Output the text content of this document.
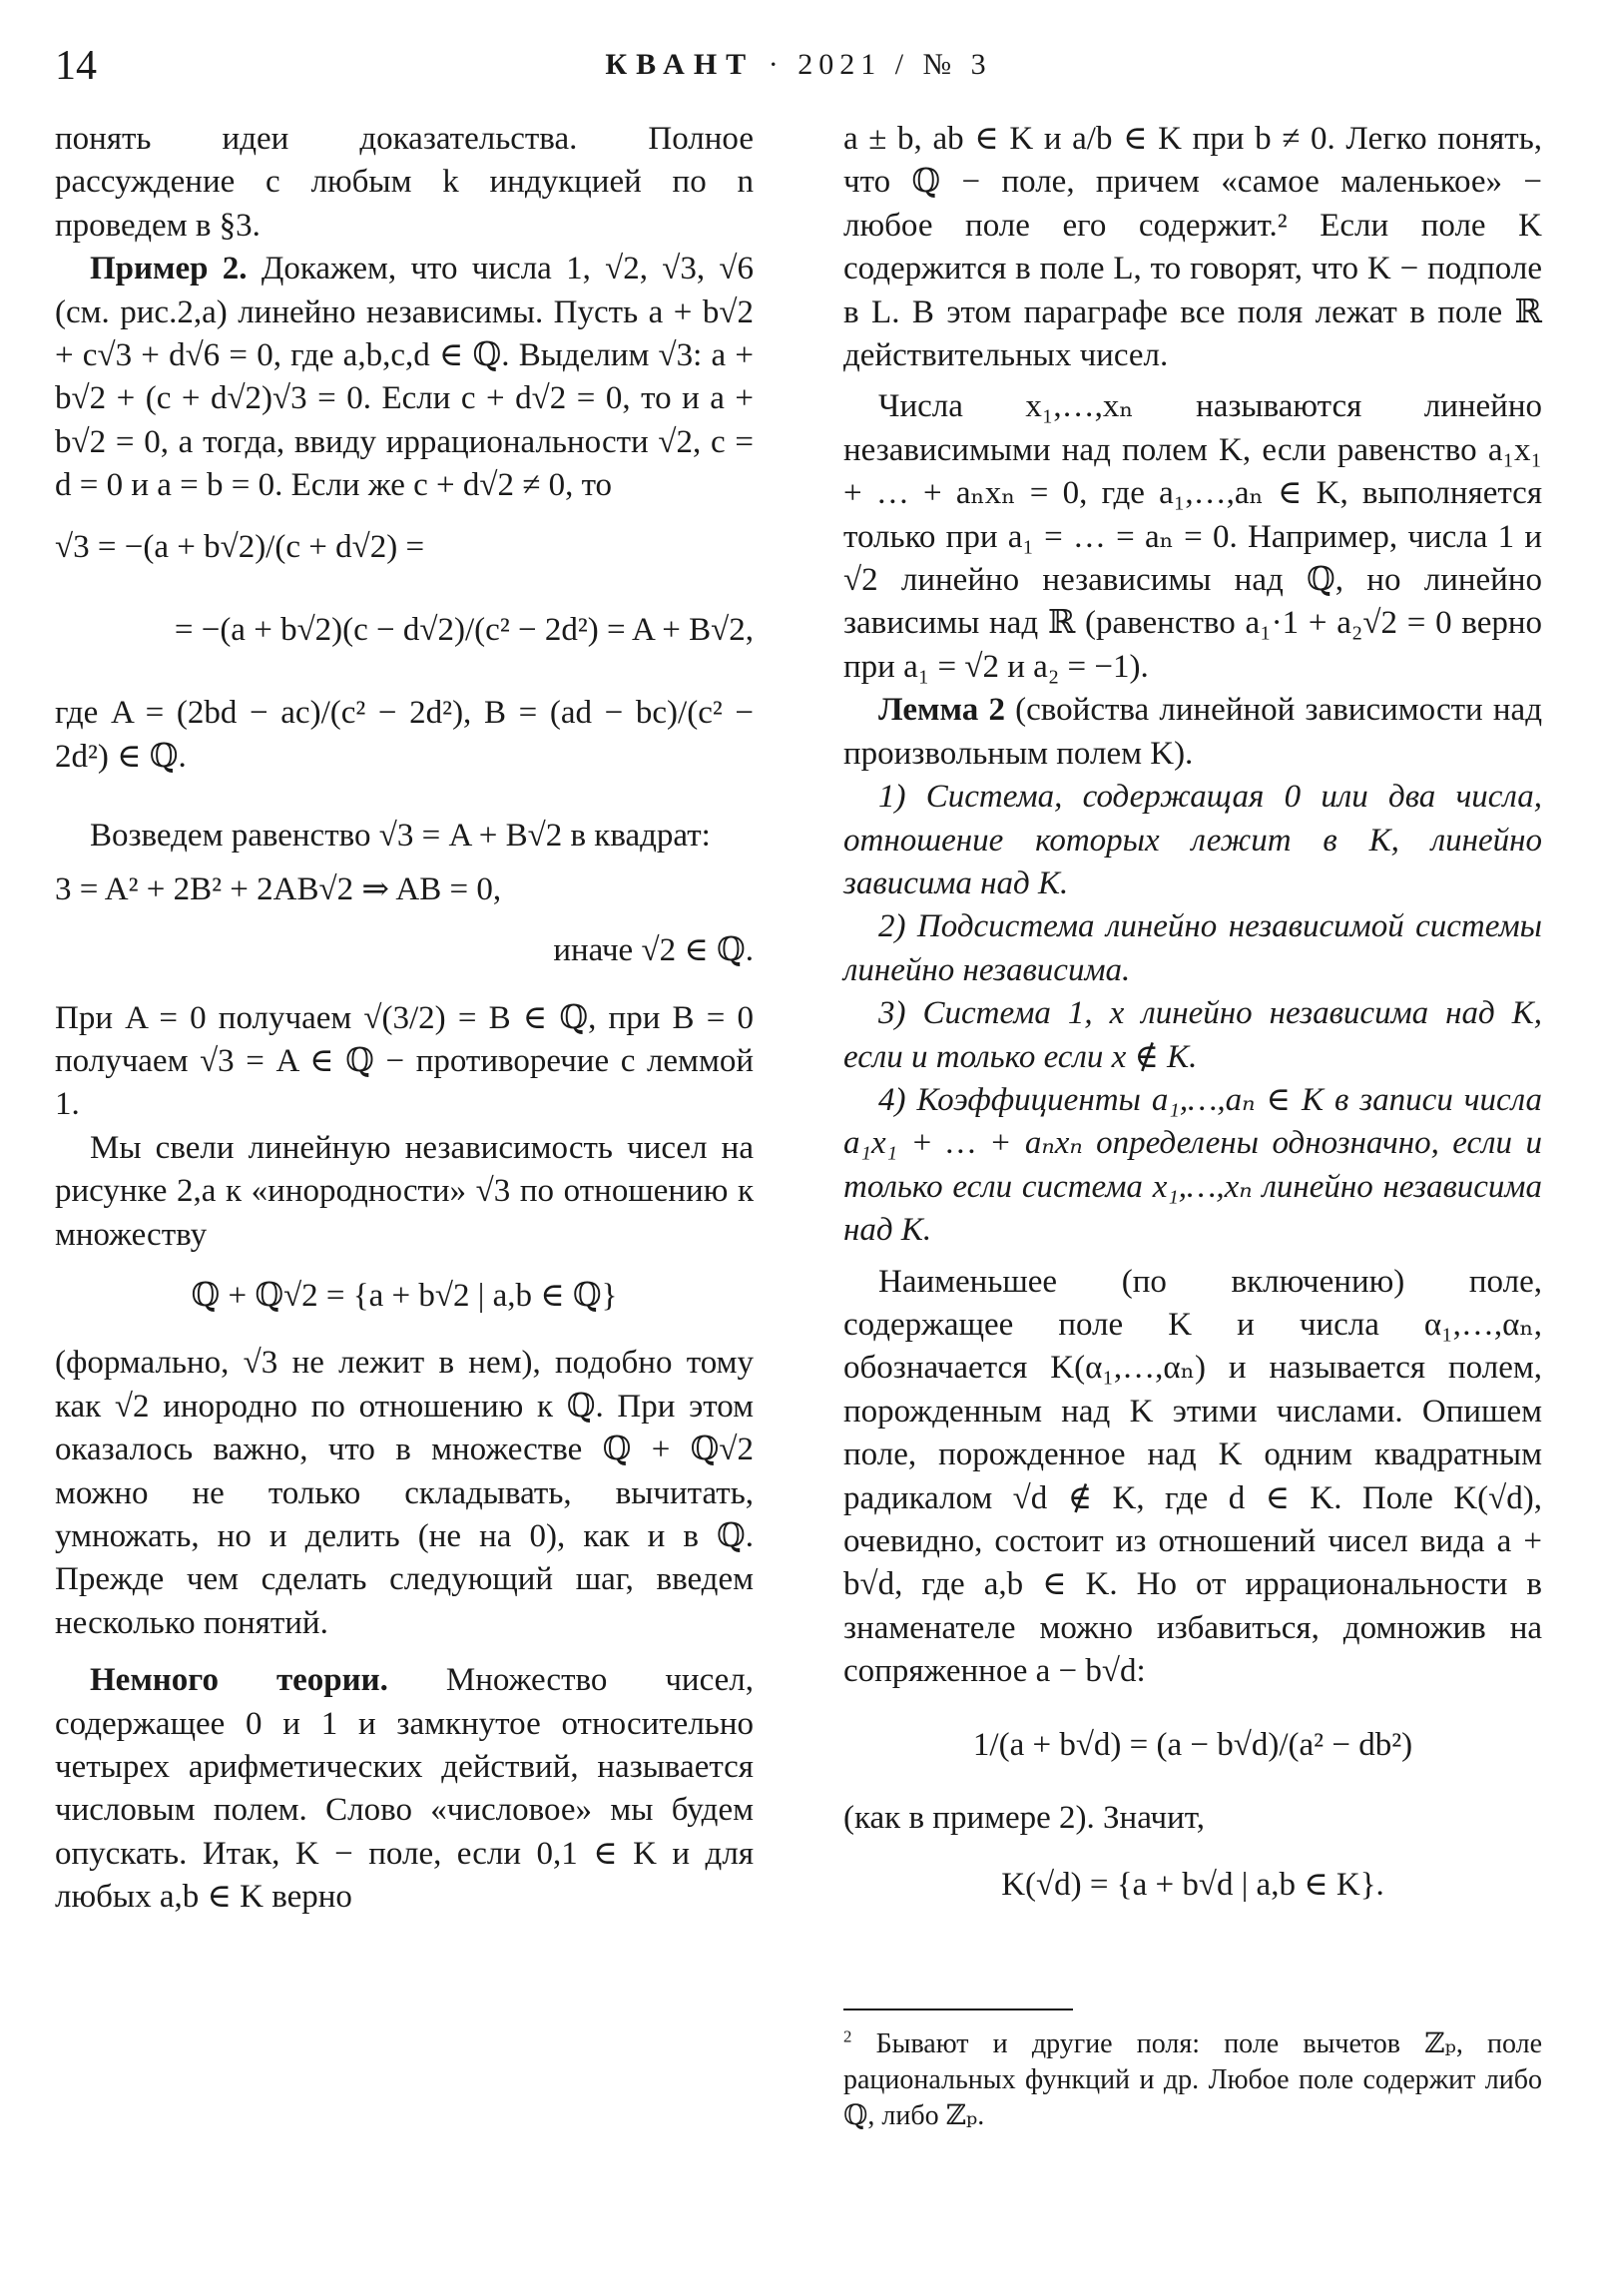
14	КВАНТ · 2021 / № 3

понять идеи доказательства. Полное рассуждение с любым k индукцией по n проведем в §3.

Пример 2. Докажем, что числа 1, √2, √3, √6 (см. рис.2,а) линейно независимы. Пусть a + b√2 + c√3 + d√6 = 0, где a,b,c,d ∈ ℚ. Выделим √3: a + b√2 + (c + d√2)√3 = 0. Если c + d√2 = 0, то и a + b√2 = 0, а тогда, ввиду иррациональности √2, c = d = 0 и a = b = 0. Если же c + d√2 ≠ 0, то

√3 = −(a + b√2)/(c + d√2) =

= −(a + b√2)(c − d√2)/(c² − 2d²) = A + B√2,

где A = (2bd − ac)/(c² − 2d²), B = (ad − bc)/(c² − 2d²) ∈ ℚ.

Возведем равенство √3 = A + B√2 в квадрат:

3 = A² + 2B² + 2AB√2 ⇒ AB = 0,

иначе √2 ∈ ℚ.

При A = 0 получаем √(3/2) = B ∈ ℚ, при B = 0 получаем √3 = A ∈ ℚ − противоречие с леммой 1.

Мы свели линейную независимость чисел на рисунке 2,а к «инородности» √3 по отношению к множеству

ℚ + ℚ√2 = {a + b√2 | a,b ∈ ℚ}

(формально, √3 не лежит в нем), подобно тому как √2 инородно по отношению к ℚ. При этом оказалось важно, что в множестве ℚ + ℚ√2 можно не только складывать, вычитать, умножать, но и делить (не на 0), как и в ℚ. Прежде чем сделать следующий шаг, введем несколько понятий.

Немного теории. Множество чисел, содержащее 0 и 1 и замкнутое относительно четырех арифметических действий, называется числовым полем. Слово «числовое» мы будем опускать. Итак, K − поле, если 0,1 ∈ K и для любых a,b ∈ K верно

a ± b, ab ∈ K и a/b ∈ K при b ≠ 0. Легко понять, что ℚ − поле, причем «самое маленькое» − любое поле его содержит.² Если поле K содержится в поле L, то говорят, что K − подполе в L. В этом параграфе все поля лежат в поле ℝ действительных чисел.

Числа x₁,…,xₙ называются линейно независимыми над полем K, если равенство a₁x₁ + … + aₙxₙ = 0, где a₁,…,aₙ ∈ K, выполняется только при a₁ = … = aₙ = 0. Например, числа 1 и √2 линейно независимы над ℚ, но линейно зависимы над ℝ (равенство a₁·1 + a₂√2 = 0 верно при a₁ = √2 и a₂ = −1).

Лемма 2 (свойства линейной зависимости над произвольным полем K).

1) Система, содержащая 0 или два числа, отношение которых лежит в K, линейно зависима над K.

2) Подсистема линейно независимой системы линейно независима.

3) Система 1, x линейно независима над K, если и только если x ∉ K.

4) Коэффициенты a₁,…,aₙ ∈ K в записи числа a₁x₁ + … + aₙxₙ определены однозначно, если и только если система x₁,…,xₙ линейно независима над K.

Наименьшее (по включению) поле, содержащее поле K и числа α₁,…,αₙ, обозначается K(α₁,…,αₙ) и называется полем, порожденным над K этими числами. Опишем поле, порожденное над K одним квадратным радикалом √d ∉ K, где d ∈ K. Поле K(√d), очевидно, состоит из отношений чисел вида a + b√d, где a,b ∈ K. Но от иррациональности в знаменателе можно избавиться, домножив на сопряженное a − b√d:

1/(a + b√d) = (a − b√d)/(a² − db²)

(как в примере 2). Значит,

K(√d) = {a + b√d | a,b ∈ K}.

$^2$ Бывают и другие поля: поле вычетов ℤₚ, поле рациональных функций и др. Любое поле содержит либо ℚ, либо ℤₚ.
